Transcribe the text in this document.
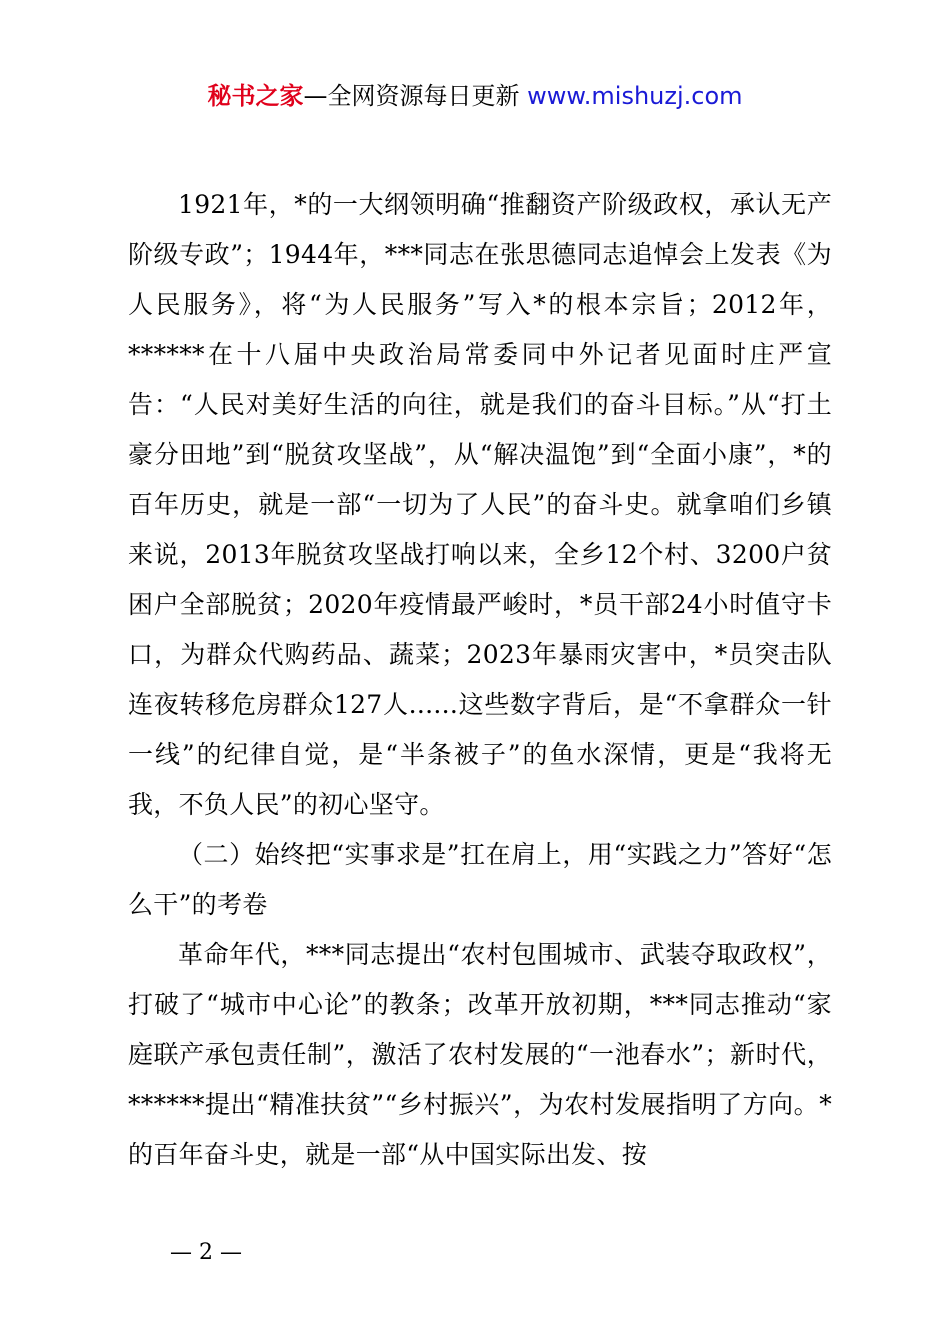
秘书之家—全网资源每日更新 www.mishuzj.com

1921年，*的一大纲领明确“推翻资产阶级政权，承认无产阶级专政”；1944年，***同志在张思德同志追悼会上发表《为人民服务》，将“为人民服务”写入*的根本宗旨；2012年，******在十八届中央政治局常委同中外记者见面时庄严宣告：“人民对美好生活的向往，就是我们的奋斗目标。”从“打土豪分田地”到“脱贫攻坚战”，从“解决温饱”到“全面小康”，*的百年历史，就是一部“一切为了人民”的奋斗史。就拿咱们乡镇来说，2013年脱贫攻坚战打响以来，全乡12个村、3200户贫困户全部脱贫；2020年疫情最严峻时，*员干部24小时值守卡口，为群众代购药品、蔬菜；2023年暴雨灾害中，*员突击队连夜转移危房群众127人......这些数字背后，是“不拿群众一针一线”的纪律自觉，是“半条被子”的鱼水深情，更是“我将无我，不负人民”的初心坚守。

（二）始终把“实事求是”扛在肩上，用“实践之力”答好“怎么干”的考卷

革命年代，***同志提出“农村包围城市、武装夺取政权”，打破了“城市中心论”的教条；改革开放初期，***同志推动“家庭联产承包责任制”，激活了农村发展的“一池春水”；新时代，******提出“精准扶贫”“乡村振兴”，为农村发展指明了方向。*的百年奋斗史，就是一部“从中国实际出发、按

— 2 —
